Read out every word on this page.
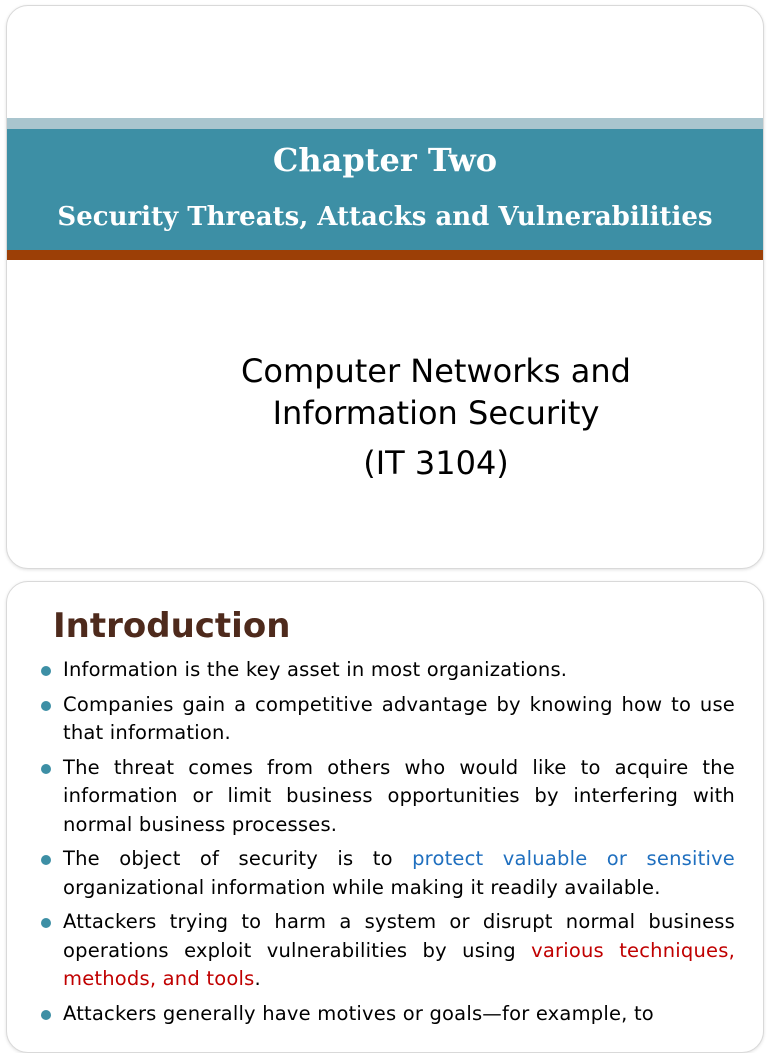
Chapter Two
Security Threats, Attacks and Vulnerabilities
Computer Networks and
Information Security
(IT 3104)
Introduction
Information is the key asset in most organizations.
Companies gain a competitive advantage by knowing how to use that information.
The threat comes from others who would like to acquire the information or limit business opportunities by interfering with normal business processes.
The object of security is to protect valuable or sensitive organizational information while making it readily available.
Attackers trying to harm a system or disrupt normal business operations exploit vulnerabilities by using various techniques, methods, and tools.
Attackers generally have motives or goals—for example, to
